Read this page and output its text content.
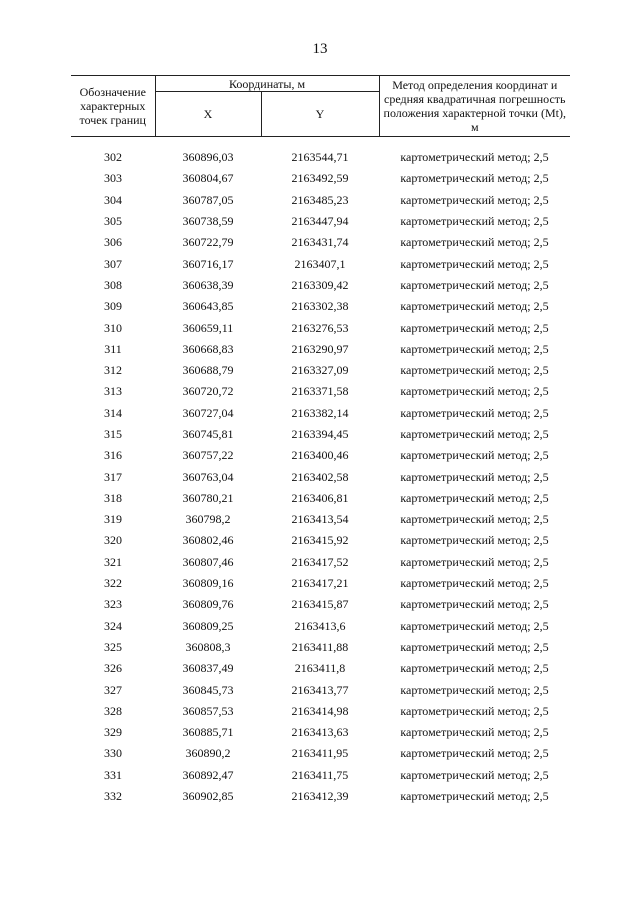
13
Обозначение характерных точек границ	Координаты, м		Метод определения координат и средняя квадратичная погрешность положения характерной точки (Мt), м
	X	Y	

302	360896,03	2163544,71	картометрический метод; 2,5
303	360804,67	2163492,59	картометрический метод; 2,5
304	360787,05	2163485,23	картометрический метод; 2,5
305	360738,59	2163447,94	картометрический метод; 2,5
306	360722,79	2163431,74	картометрический метод; 2,5
307	360716,17	2163407,1	картометрический метод; 2,5
308	360638,39	2163309,42	картометрический метод; 2,5
309	360643,85	2163302,38	картометрический метод; 2,5
310	360659,11	2163276,53	картометрический метод; 2,5
311	360668,83	2163290,97	картометрический метод; 2,5
312	360688,79	2163327,09	картометрический метод; 2,5
313	360720,72	2163371,58	картометрический метод; 2,5
314	360727,04	2163382,14	картометрический метод; 2,5
315	360745,81	2163394,45	картометрический метод; 2,5
316	360757,22	2163400,46	картометрический метод; 2,5
317	360763,04	2163402,58	картометрический метод; 2,5
318	360780,21	2163406,81	картометрический метод; 2,5
319	360798,2	2163413,54	картометрический метод; 2,5
320	360802,46	2163415,92	картометрический метод; 2,5
321	360807,46	2163417,52	картометрический метод; 2,5
322	360809,16	2163417,21	картометрический метод; 2,5
323	360809,76	2163415,87	картометрический метод; 2,5
324	360809,25	2163413,6	картометрический метод; 2,5
325	360808,3	2163411,88	картометрический метод; 2,5
326	360837,49	2163411,8	картометрический метод; 2,5
327	360845,73	2163413,77	картометрический метод; 2,5
328	360857,53	2163414,98	картометрический метод; 2,5
329	360885,71	2163413,63	картометрический метод; 2,5
330	360890,2	2163411,95	картометрический метод; 2,5
331	360892,47	2163411,75	картометрический метод; 2,5
332	360902,85	2163412,39	картометрический метод; 2,5
